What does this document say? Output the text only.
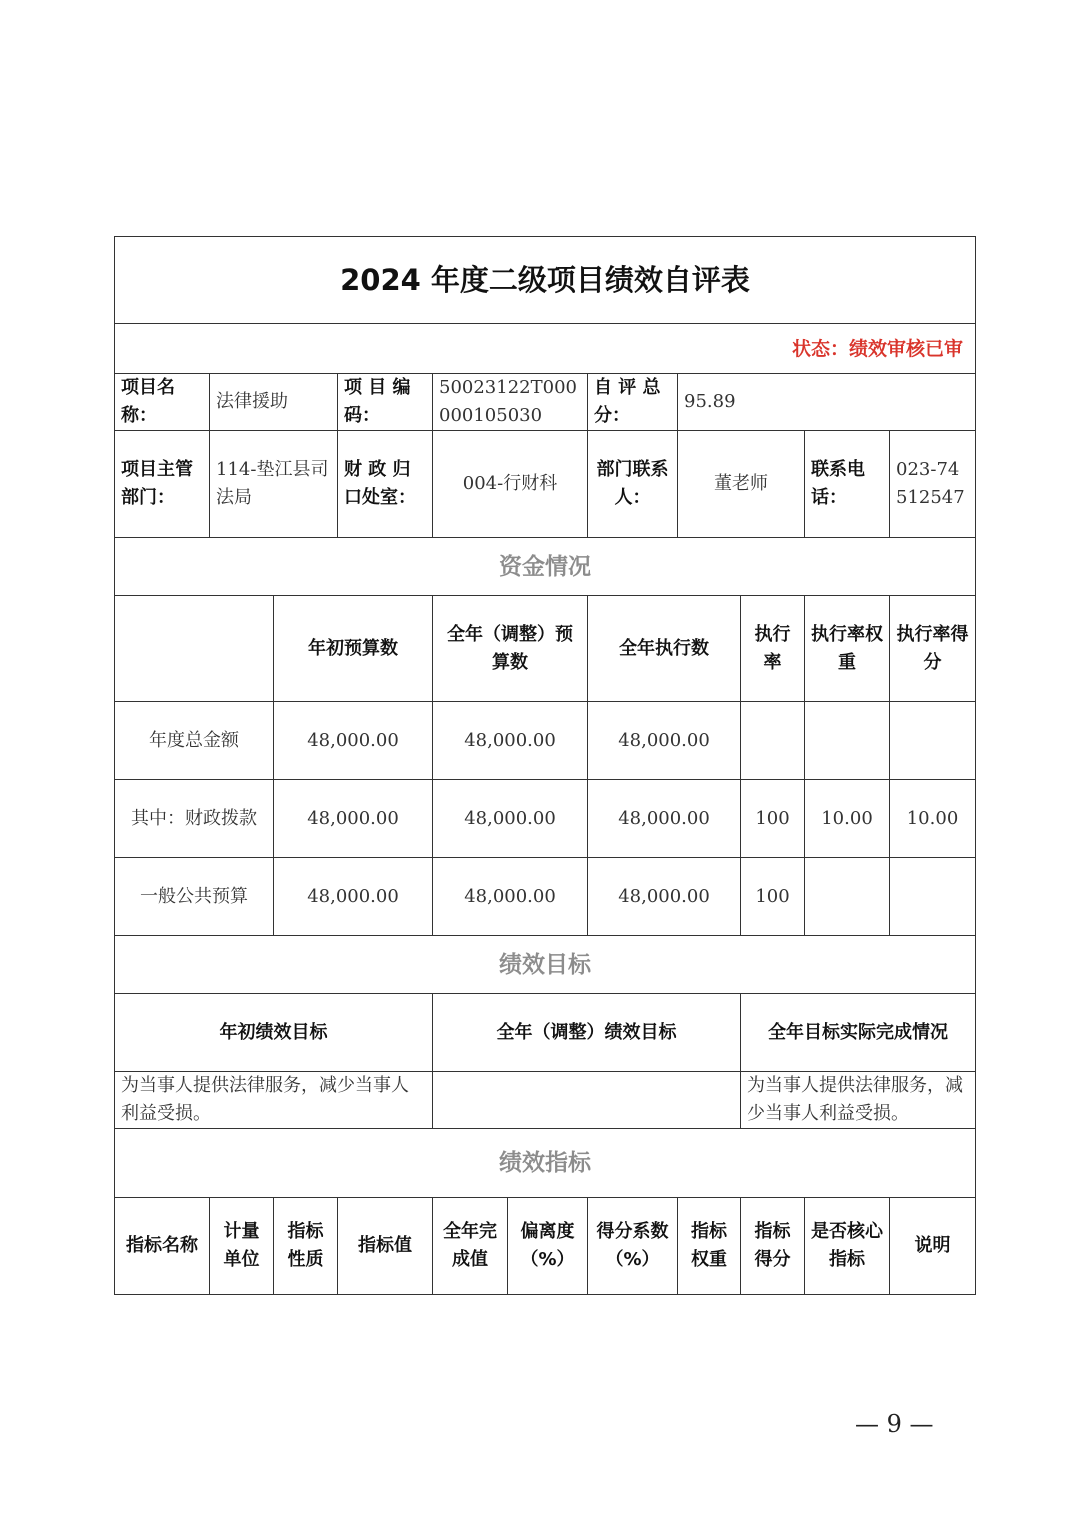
2024 年度二级项目绩效自评表										
状态：绩效审核已审										
项目名称：	法律援助		项 目 编码：	50023122T000000105030		自 评 总分：	95.89			
项目主管部门：	114-垫江县司法局		财 政 归口处室：	004-行财科		部门联系人：	董老师		联系电话：	023-74512547
资金情况										
		年初预算数		全年（调整）预算数		全年执行数		执行率	执行率权重	执行率得分
年度总金额		48,000.00		48,000.00		48,000.00				
其中：财政拨款		48,000.00		48,000.00		48,000.00		100	10.00	10.00
一般公共预算		48,000.00		48,000.00		48,000.00		100		
绩效目标										
年初绩效目标				全年（调整）绩效目标				全年目标实际完成情况		
为当事人提供法律服务，减少当事人利益受损。								为当事人提供法律服务，减少当事人利益受损。		
绩效指标										
指标名称	计量单位	指标性质	指标值	全年完成值	偏离度（%）	得分系数（%）	指标权重	指标得分	是否核心指标	说明
— 9 —
